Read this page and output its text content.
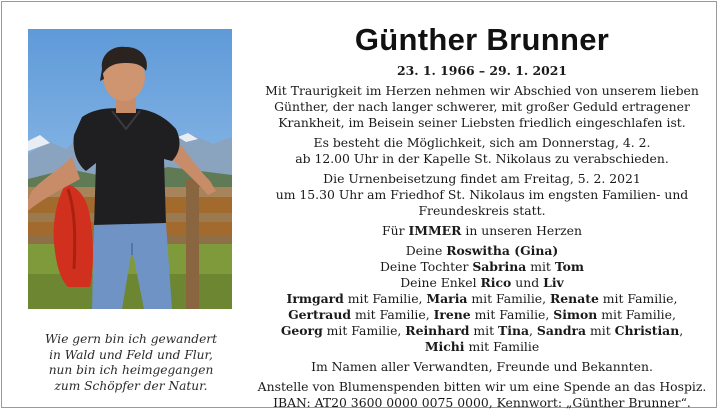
Wie gern bin ich gewandert
in Wald und Feld und Flur,
nun bin ich heimgegangen
zum Schöpfer der Natur.
Günther Brunner
23. 1. 1966 – 29. 1. 2021
Mit Traurigkeit im Herzen nehmen wir Abschied von unserem lieben
Günther, der nach langer schwerer, mit großer Geduld ertragener
Krankheit, im Beisein seiner Liebsten friedlich eingeschlafen ist.
Es besteht die Möglichkeit, sich am Donnerstag, 4. 2.
ab 12.00 Uhr in der Kapelle St. Nikolaus zu verabschieden.
Die Urnenbeisetzung findet am Freitag, 5. 2. 2021
um 15.30 Uhr am Friedhof St. Nikolaus im engsten Familien- und
Freundeskreis statt.
Für IMMER in unseren Herzen
Deine Roswitha (Gina)
Deine Tochter Sabrina mit Tom
Deine Enkel Rico und Liv
Irmgard mit Familie, Maria mit Familie, Renate mit Familie,
Gertraud mit Familie, Irene mit Familie, Simon mit Familie,
Georg mit Familie, Reinhard mit Tina, Sandra mit Christian,
Michi mit Familie
Im Namen aller Verwandten, Freunde und Bekannten.
Anstelle von Blumenspenden bitten wir um eine Spende an das Hospiz.
IBAN: AT20 3600 0000 0075 0000, Kennwort: „Günther Brunner“.
